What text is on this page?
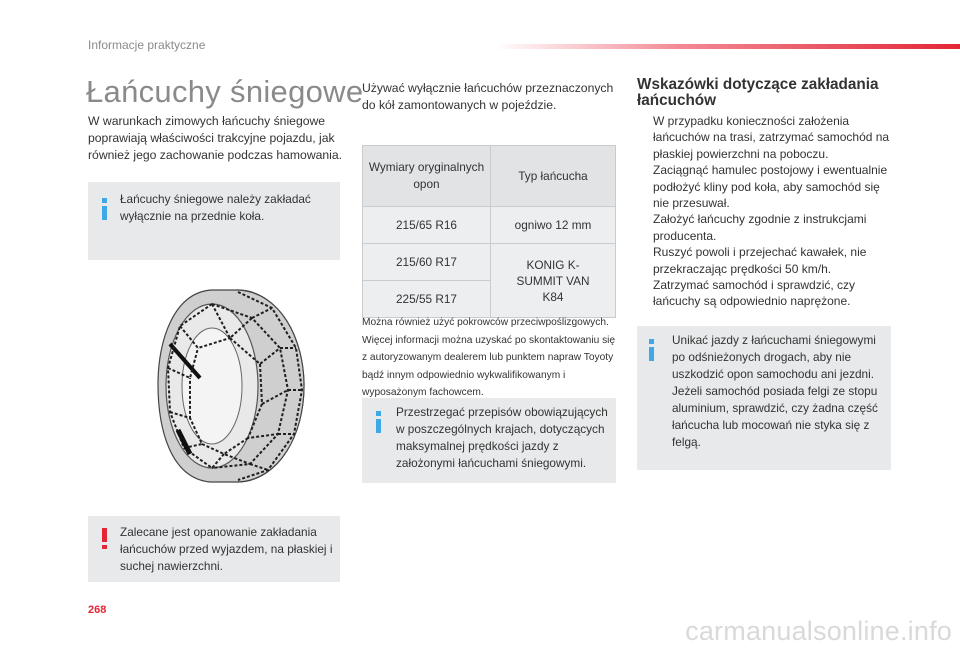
Informacje praktyczne
Łańcuchy śniegowe
W warunkach zimowych łańcuchy śniegowe poprawiają właściwości trakcyjne pojazdu, jak również jego zachowanie podczas hamowania.
Łańcuchy śniegowe należy zakładać wyłącznie na przednie koła.
Zalecane jest opanowanie zakładania łańcuchów przed wyjazdem, na płaskiej i suchej nawierzchni.
268
Używać wyłącznie łańcuchów przeznaczonych do kół zamontowanych w pojeździe.
Wymiary oryginalnych opon	Typ łańcucha
215/65 R16	ogniwo 12 mm
215/60 R17	KONIG K-SUMMIT VAN K84
225/55 R17	
Można również użyć pokrowców przeciwpoślizgowych. Więcej informacji można uzyskać po skontaktowaniu się z autoryzowanym dealerem lub punktem napraw Toyoty bądź innym odpowiednio wykwalifikowanym i wyposażonym fachowcem.
Przestrzegać przepisów obowiązujących w poszczególnych krajach, dotyczących maksymalnej prędkości jazdy z założonymi łańcuchami śniegowymi.
Wskazówki dotyczące zakładania łańcuchów
W przypadku konieczności założenia łańcuchów na trasi, zatrzymać samochód na płaskiej powierzchni na poboczu.
Zaciągnąć hamulec postojowy i ewentualnie podłożyć kliny pod koła, aby samochód się nie przesuwał.
Założyć łańcuchy zgodnie z instrukcjami producenta.
Ruszyć powoli i przejechać kawałek, nie przekraczając prędkości 50 km/h.
Zatrzymać samochód i sprawdzić, czy łańcuchy są odpowiednio naprężone.
Unikać jazdy z łańcuchami śniegowymi po odśnieżonych drogach, aby nie uszkodzić opon samochodu ani jezdni. Jeżeli samochód posiada felgi ze stopu aluminium, sprawdzić, czy żadna część łańcucha lub mocowań nie styka się z felgą.
carmanualsonline.info
